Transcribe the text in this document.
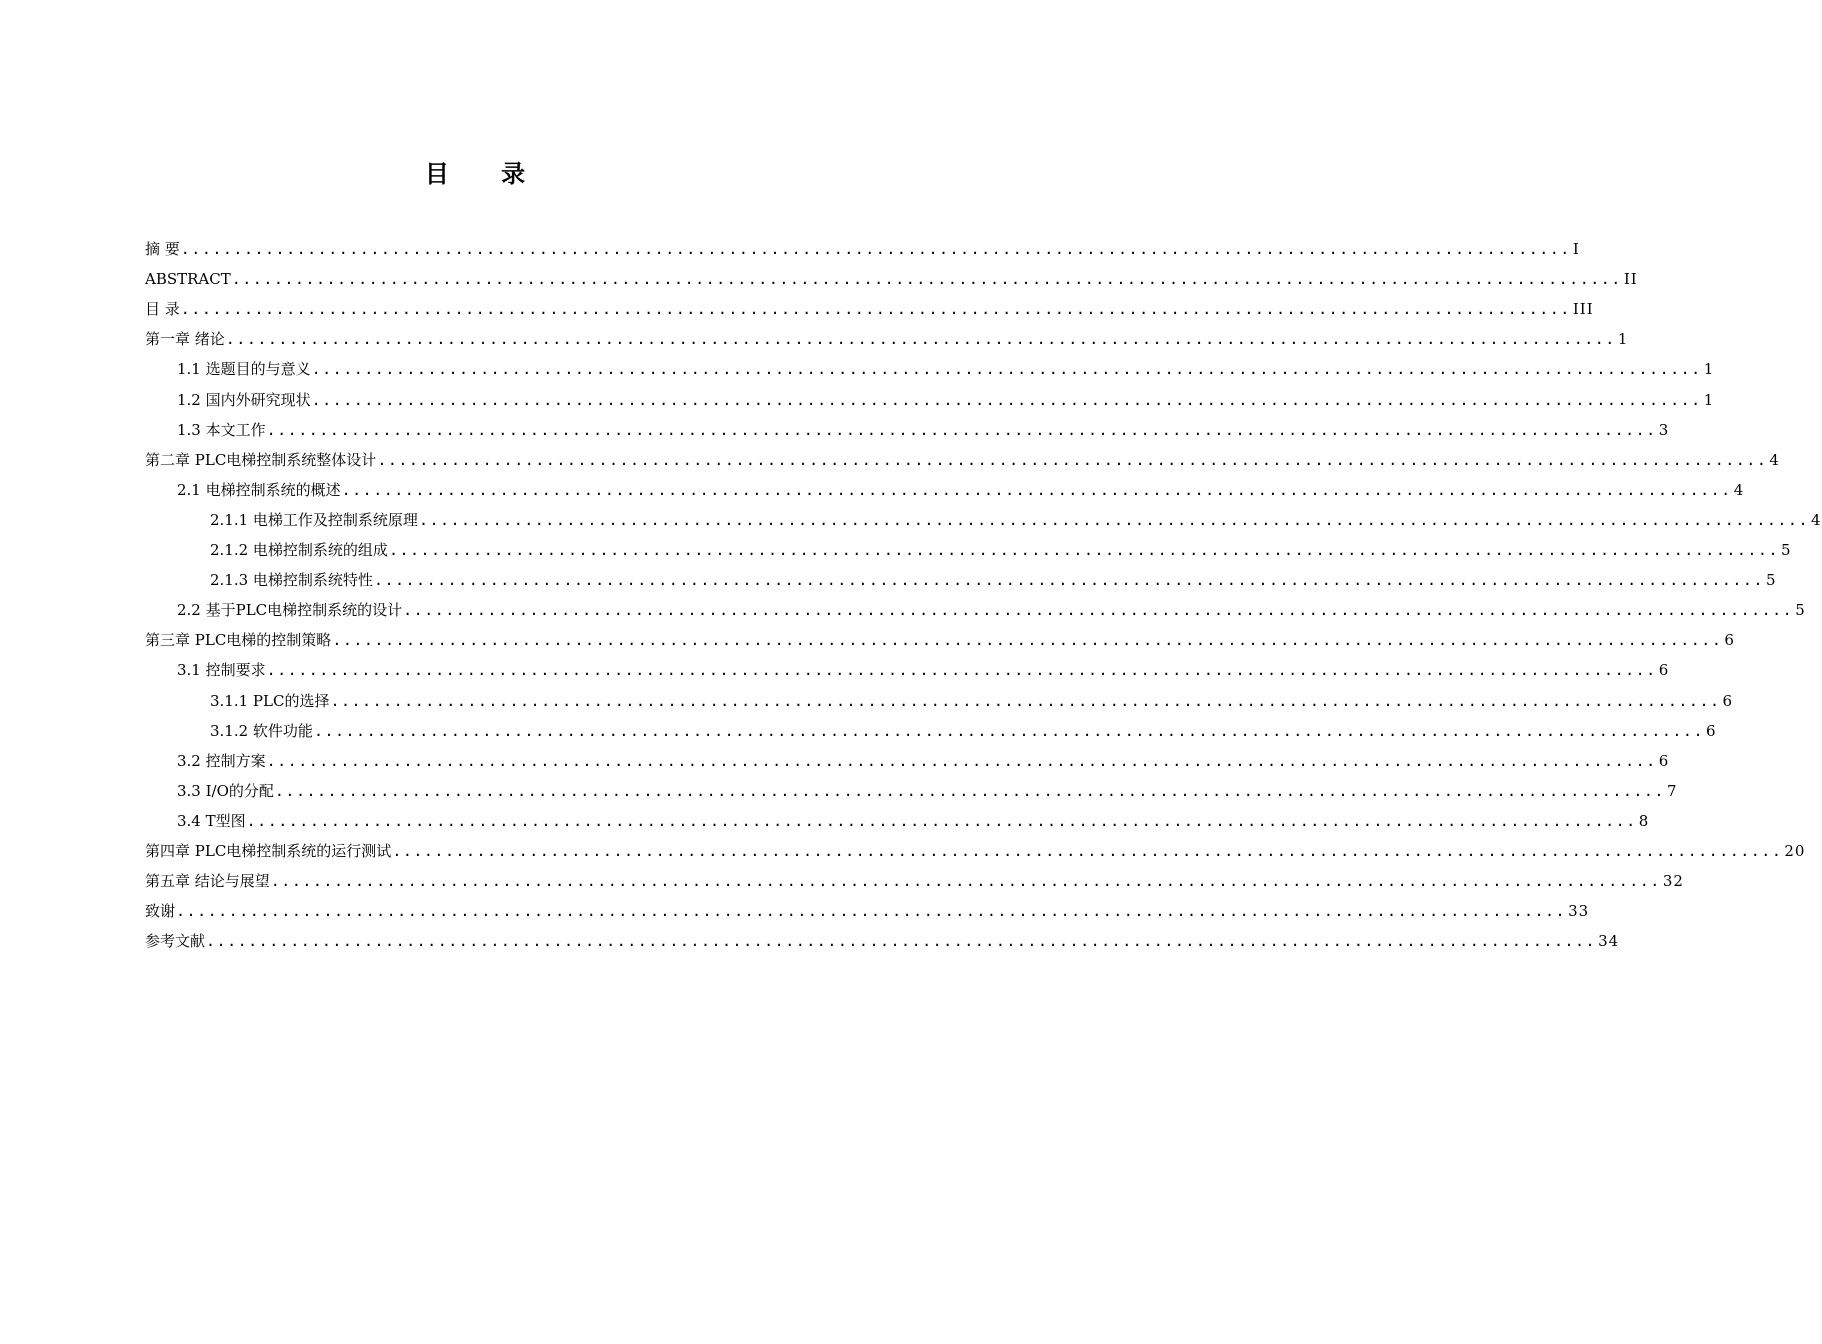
目 录
摘 要 .................................................................................................................................... I
ABSTRACT .................................................................................................................................... II
目 录 .................................................................................................................................... III
第一章 绪论 .................................................................................................................................... 1
1.1 选题目的与意义 .................................................................................................................................... 1
1.2 国内外研究现状 .................................................................................................................................... 1
1.3 本文工作 .................................................................................................................................... 3
第二章 PLC电梯控制系统整体设计 .................................................................................................................................... 4
2.1 电梯控制系统的概述 .................................................................................................................................... 4
2.1.1 电梯工作及控制系统原理 .................................................................................................................................... 4
2.1.2 电梯控制系统的组成 .................................................................................................................................... 5
2.1.3 电梯控制系统特性 .................................................................................................................................... 5
2.2 基于PLC电梯控制系统的设计 .................................................................................................................................... 5
第三章 PLC电梯的控制策略 .................................................................................................................................... 6
3.1 控制要求 .................................................................................................................................... 6
3.1.1 PLC的选择 .................................................................................................................................... 6
3.1.2 软件功能 .................................................................................................................................... 6
3.2 控制方案 .................................................................................................................................... 6
3.3 I/O的分配 .................................................................................................................................... 7
3.4 T型图 .................................................................................................................................... 8
第四章 PLC电梯控制系统的运行测试 .................................................................................................................................... 20
第五章 结论与展望 .................................................................................................................................... 32
致谢 .................................................................................................................................... 33
参考文献 .................................................................................................................................... 34
